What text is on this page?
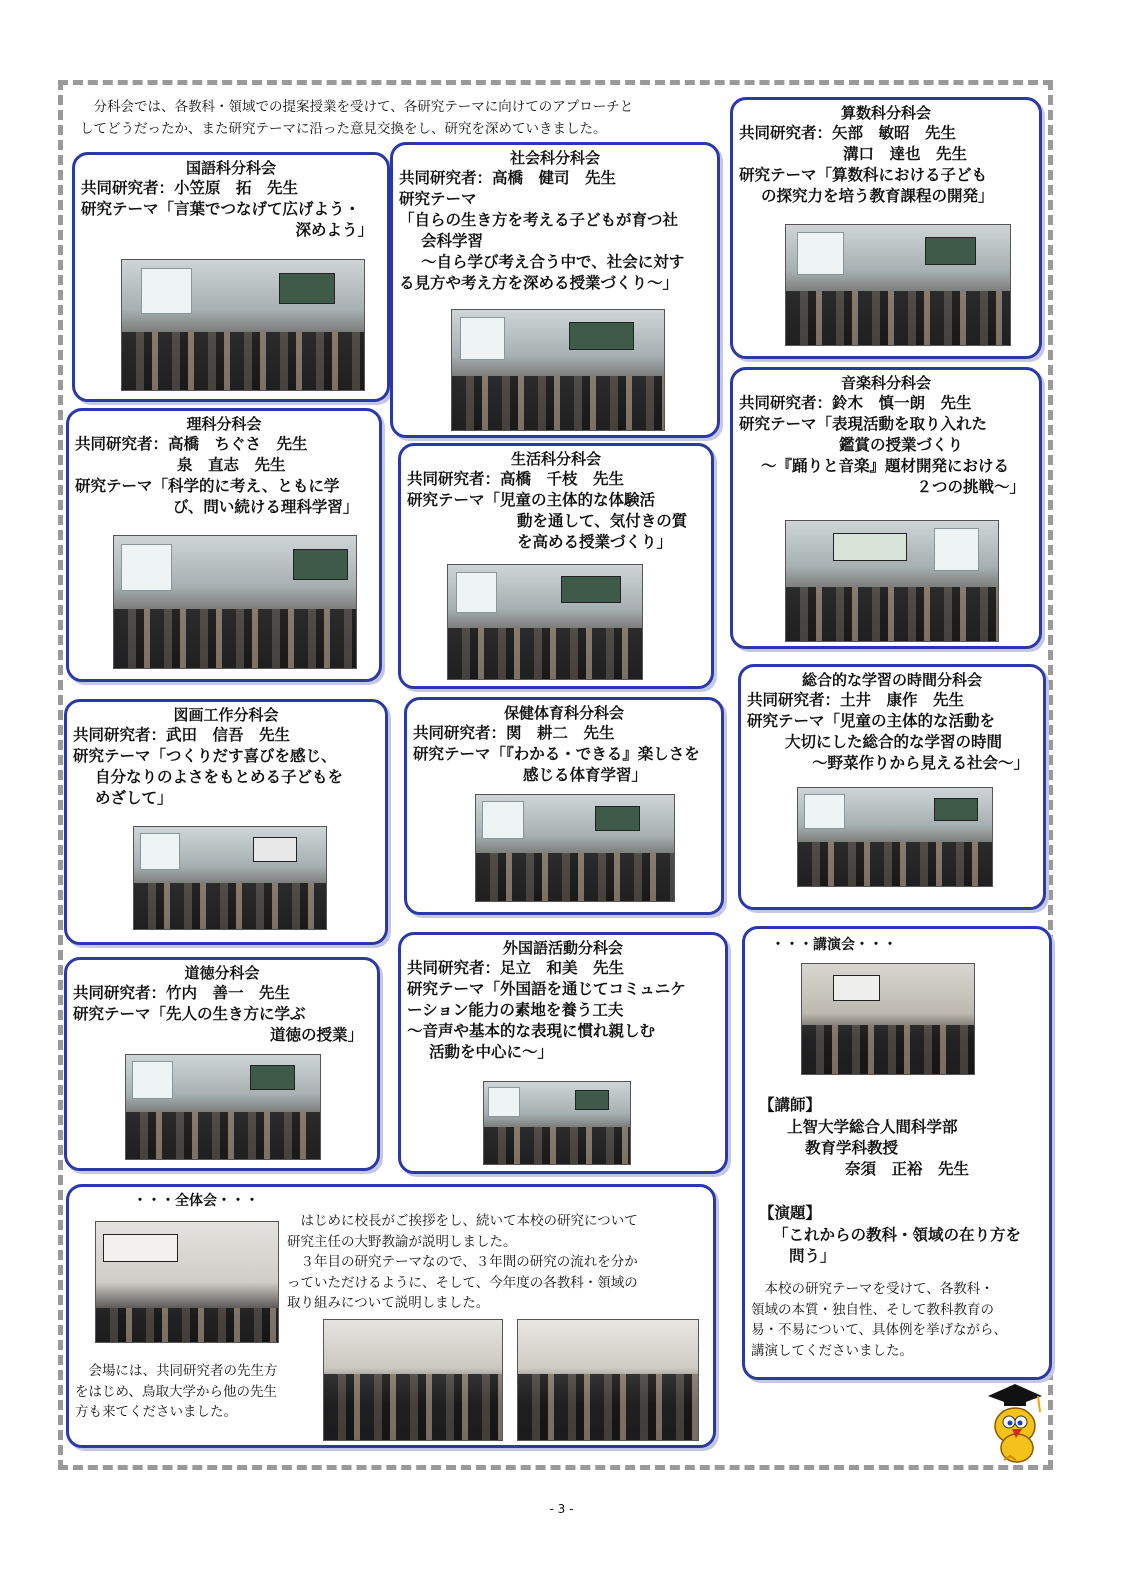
　分科会では、各教科・領域での提案授業を受けて、各研究テーマに向けてのアプローチと
してどうだったか、また研究テーマに沿った意見交換をし、研究を深めていきました。
国語科分科会
共同研究者：小笠原　拓　先生
研究テーマ「言葉でつなげて広げよう・
深めよう」
社会科分科会
共同研究者：高橋　健司　先生
研究テーマ
「自らの生き方を考える子どもが育つ社
会科学習
～自ら学び考え合う中で、社会に対す
る見方や考え方を深める授業づくり～」
算数科分科会
共同研究者：矢部　敏昭　先生
溝口　達也　先生
研究テーマ「算数科における子ども
の探究力を培う教育課程の開発」
理科分科会
共同研究者：高橋　ちぐさ　先生
泉　直志　先生
研究テーマ「科学的に考え、ともに学
び、問い続ける理科学習」
生活科分科会
共同研究者：高橋　千枝　先生
研究テーマ「児童の主体的な体験活
動を通して、気付きの質
を高める授業づくり」
音楽科分科会
共同研究者：鈴木　慎一朗　先生
研究テーマ「表現活動を取り入れた
鑑賞の授業づくり
～『踊りと音楽』題材開発における
２つの挑戦～」
総合的な学習の時間分科会
共同研究者：土井　康作　先生
研究テーマ「児童の主体的な活動を
大切にした総合的な学習の時間
～野菜作りから見える社会～」
図画工作分科会
共同研究者：武田　信吾　先生
研究テーマ「つくりだす喜びを感じ、
自分なりのよさをもとめる子どもを
めざして」
保健体育科分科会
共同研究者：関　耕二　先生
研究テーマ「『わかる・できる』楽しさを
感じる体育学習」
外国語活動分科会
共同研究者：足立　和美　先生
研究テーマ「外国語を通じてコミュニケ
ーション能力の素地を養う工夫
～音声や基本的な表現に慣れ親しむ
活動を中心に～」
道徳分科会
共同研究者：竹内　善一　先生
研究テーマ「先人の生き方に学ぶ
道徳の授業」
・・・講演会・・・
【講師】
上智大学総合人間科学部
教育学科教授
奈須　正裕　先生
【演題】
「これからの教科・領域の在り方を
問う」
　本校の研究テーマを受けて、各教科・
領域の本質・独自性、そして教科教育の
易・不易について、具体例を挙げながら、
講演してくださいました。
・・・全体会・・・
　はじめに校長がご挨拶をし、続いて本校の研究について
研究主任の大野教諭が説明しました。
　３年目の研究テーマなので、３年間の研究の流れを分か
っていただけるように、そして、今年度の各教科・領域の
取り組みについて説明しました。
　会場には、共同研究者の先生方
をはじめ、鳥取大学から他の先生
方も来てくださいました。
- 3 -
